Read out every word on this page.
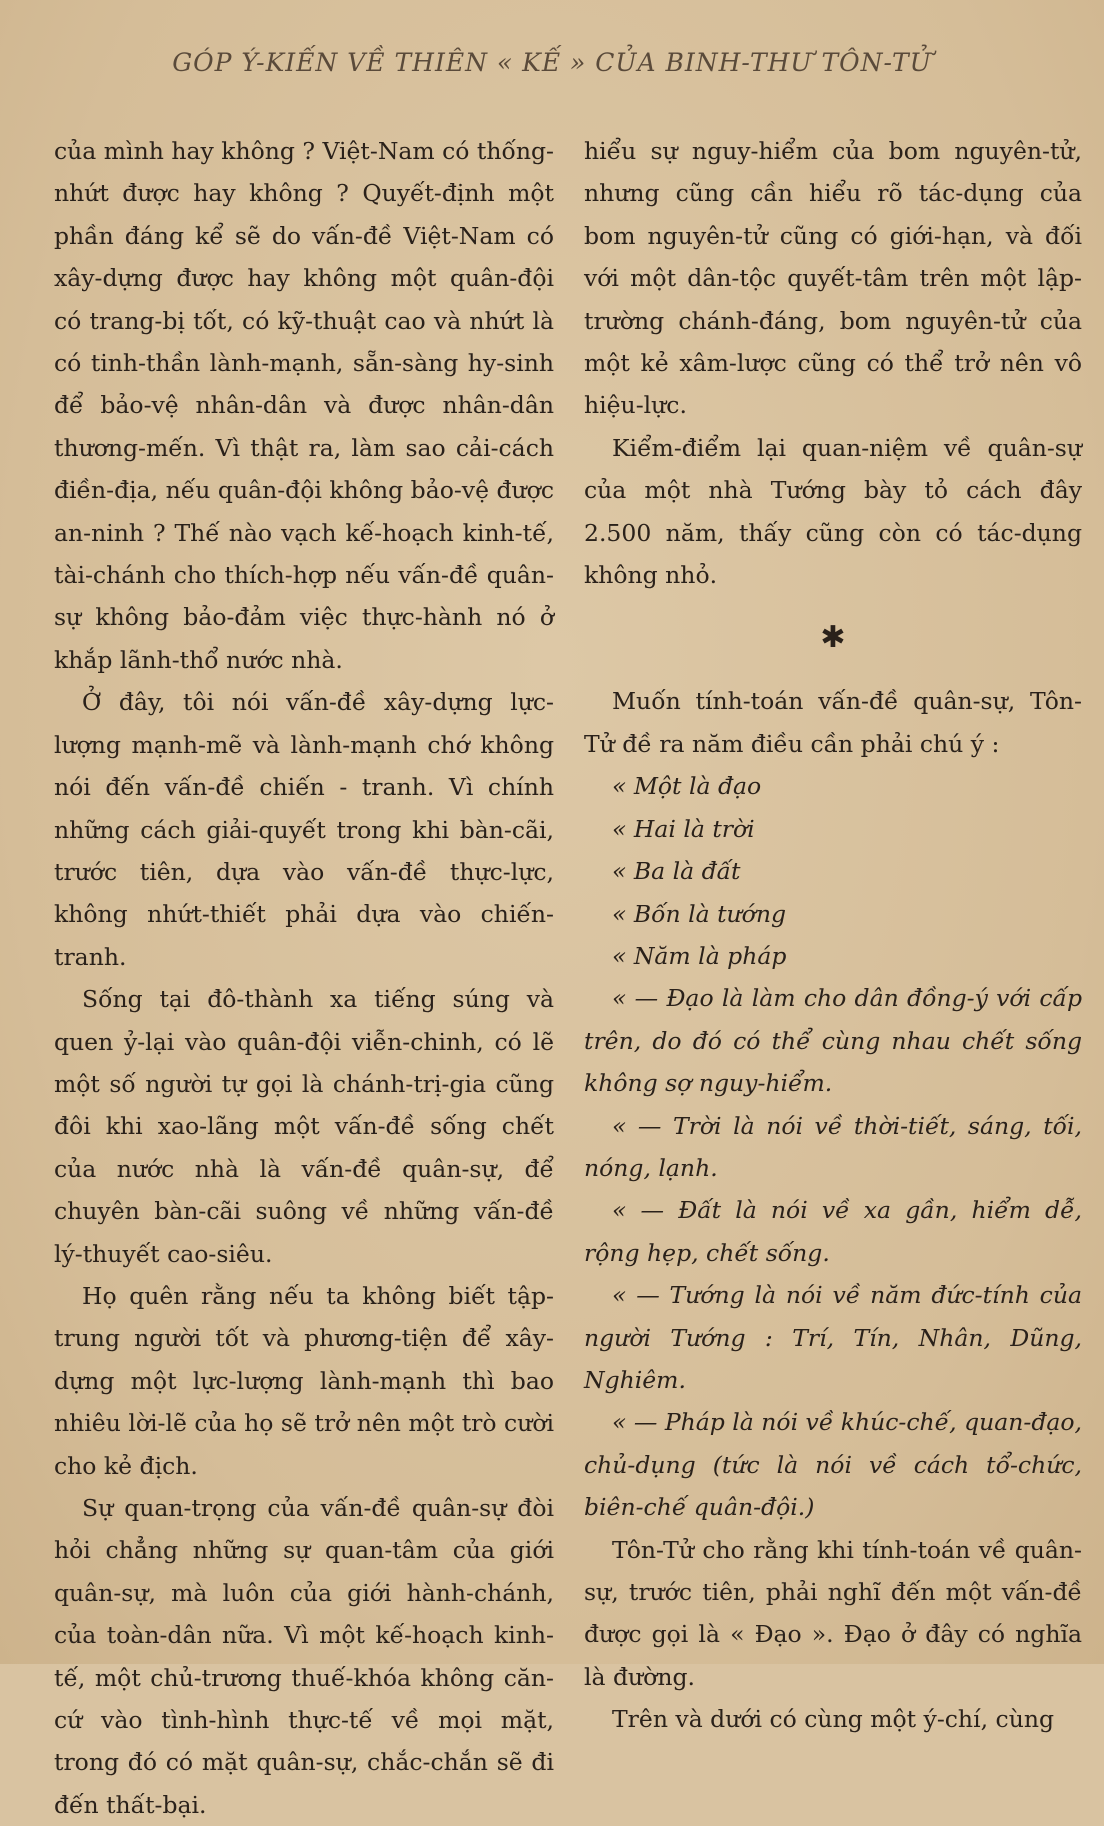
GÓP Ý-KIẾN VỀ THIÊN « KẾ » CỦA BINH-THƯ TÔN-TỬ

của mình hay không ? Việt-Nam có thống-nhứt được hay không ? Quyết-định một phần đáng kể sẽ do vấn-đề Việt-Nam có xây-dựng được hay không một quân-đội có trang-bị tốt, có kỹ-thuật cao và nhứt là có tinh-thần lành-mạnh, sẵn-sàng hy-sinh để bảo-vệ nhân-dân và được nhân-dân thương-mến. Vì thật ra, làm sao cải-cách điền-địa, nếu quân-đội không bảo-vệ được an-ninh ? Thế nào vạch kế-hoạch kinh-tế, tài-chánh cho thích-hợp nếu vấn-đề quân-sự không bảo-đảm việc thực-hành nó ở khắp lãnh-thổ nước nhà.

Ở đây, tôi nói vấn-đề xây-dựng lực-lượng mạnh-mẽ và lành-mạnh chớ không nói đến vấn-đề chiến - tranh. Vì chính những cách giải-quyết trong khi bàn-cãi, trước tiên, dựa vào vấn-đề thực-lực, không nhứt-thiết phải dựa vào chiến-tranh.

Sống tại đô-thành xa tiếng súng và quen ỷ-lại vào quân-đội viễn-chinh, có lẽ một số người tự gọi là chánh-trị-gia cũng đôi khi xao-lãng một vấn-đề sống chết của nước nhà là vấn-đề quân-sự, để chuyên bàn-cãi suông về những vấn-đề lý-thuyết cao-siêu.

Họ quên rằng nếu ta không biết tập-trung người tốt và phương-tiện để xây-dựng một lực-lượng lành-mạnh thì bao nhiêu lời-lẽ của họ sẽ trở nên một trò cười cho kẻ địch.

Sự quan-trọng của vấn-đề quân-sự đòi hỏi chẳng những sự quan-tâm của giới quân-sự, mà luôn của giới hành-chánh, của toàn-dân nữa. Vì một kế-hoạch kinh-tế, một chủ-trương thuế-khóa không căn-cứ vào tình-hình thực-tế về mọi mặt, trong đó có mặt quân-sự, chắc-chắn sẽ đi đến thất-bại.

hiểu sự nguy-hiểm của bom nguyên-tử, nhưng cũng cần hiểu rõ tác-dụng của bom nguyên-tử cũng có giới-hạn, và đối với một dân-tộc quyết-tâm trên một lập-trường chánh-đáng, bom nguyên-tử của một kẻ xâm-lược cũng có thể trở nên vô hiệu-lực.

Kiểm-điểm lại quan-niệm về quân-sự của một nhà Tướng bày tỏ cách đây 2.500 năm, thấy cũng còn có tác-dụng không nhỏ.

✱

Muốn tính-toán vấn-đề quân-sự, Tôn-Tử đề ra năm điều cần phải chú ý :

« Một là đạo

« Hai là trời

« Ba là đất

« Bốn là tướng

« Năm là pháp

« — Đạo là làm cho dân đồng-ý với cấp trên, do đó có thể cùng nhau chết sống không sợ nguy-hiểm.

« — Trời là nói về thời-tiết, sáng, tối, nóng, lạnh.

« — Đất là nói về xa gần, hiểm dễ, rộng hẹp, chết sống.

« — Tướng là nói về năm đức-tính của người Tướng : Trí, Tín, Nhân, Dũng, Nghiêm.

« — Pháp là nói về khúc-chế, quan-đạo, chủ-dụng (tức là nói về cách tổ-chức, biên-chế quân-đội.)

Tôn-Tử cho rằng khi tính-toán về quân-sự, trước tiên, phải nghĩ đến một vấn-đề được gọi là « Đạo ». Đạo ở đây có nghĩa là đường.

Trên và dưới có cùng một ý-chí, cùng
